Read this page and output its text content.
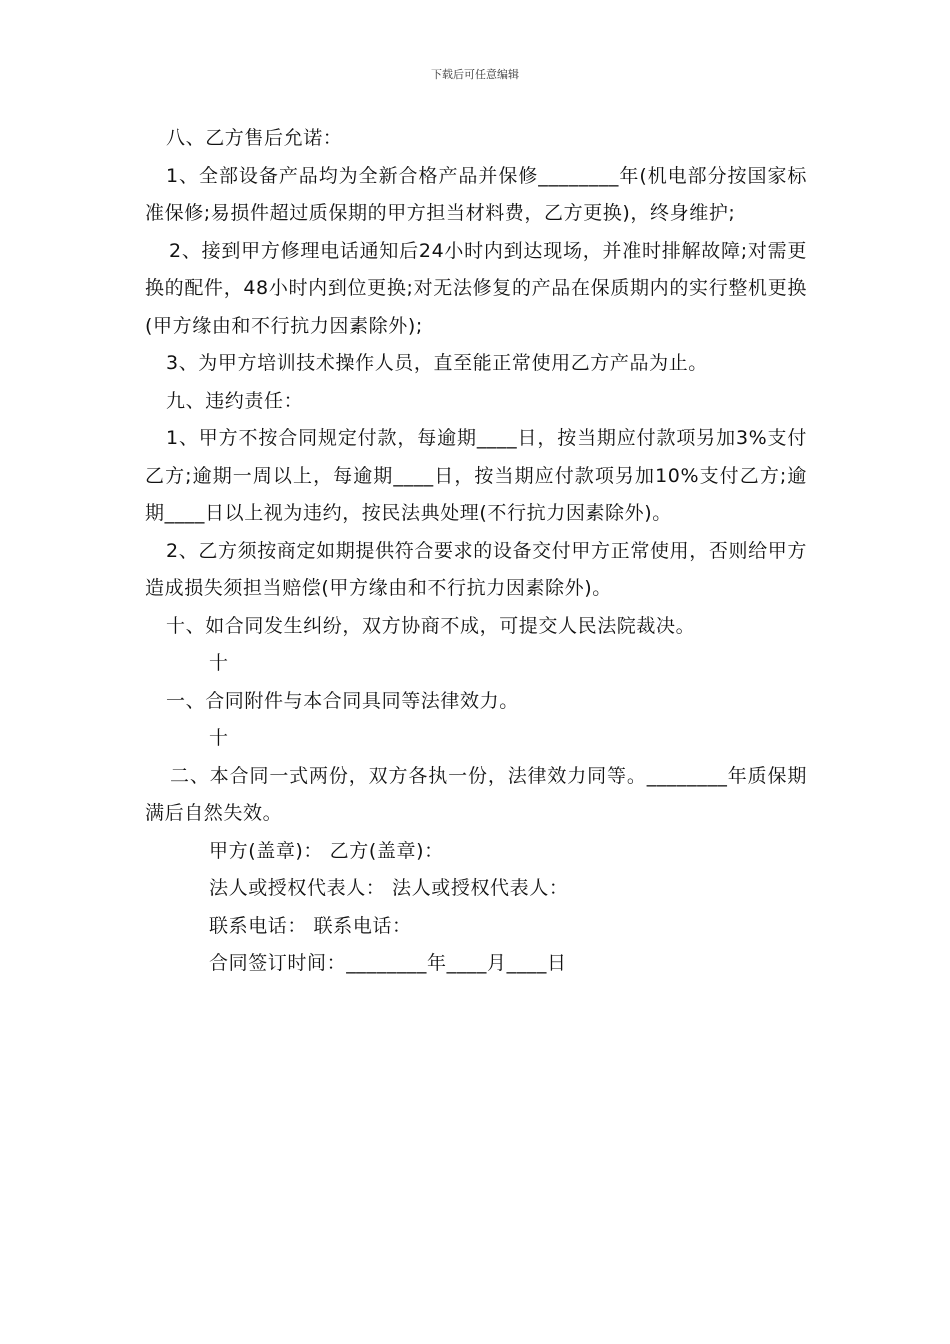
下载后可任意编辑

八、乙方售后允诺：

1、全部设备产品均为全新合格产品并保修________年(机电部分按国家标准保修;易损件超过质保期的甲方担当材料费，乙方更换)，终身维护;

2、接到甲方修理电话通知后24小时内到达现场，并准时排解故障;对需更换的配件，48小时内到位更换;对无法修复的产品在保质期内的实行整机更换(甲方缘由和不行抗力因素除外);

3、为甲方培训技术操作人员，直至能正常使用乙方产品为止。

九、违约责任：

1、甲方不按合同规定付款，每逾期____日，按当期应付款项另加3%支付乙方;逾期一周以上，每逾期____日，按当期应付款项另加10%支付乙方;逾期____日以上视为违约，按民法典处理(不行抗力因素除外)。

2、乙方须按商定如期提供符合要求的设备交付甲方正常使用，否则给甲方造成损失须担当赔偿(甲方缘由和不行抗力因素除外)。

十、如合同发生纠纷，双方协商不成，可提交人民法院裁决。

十

一、合同附件与本合同具同等法律效力。

十

二、本合同一式两份，双方各执一份，法律效力同等。________年质保期满后自然失效。

甲方(盖章)： 乙方(盖章)：

法人或授权代表人： 法人或授权代表人：

联系电话： 联系电话：

合同签订时间：________年____月____日
